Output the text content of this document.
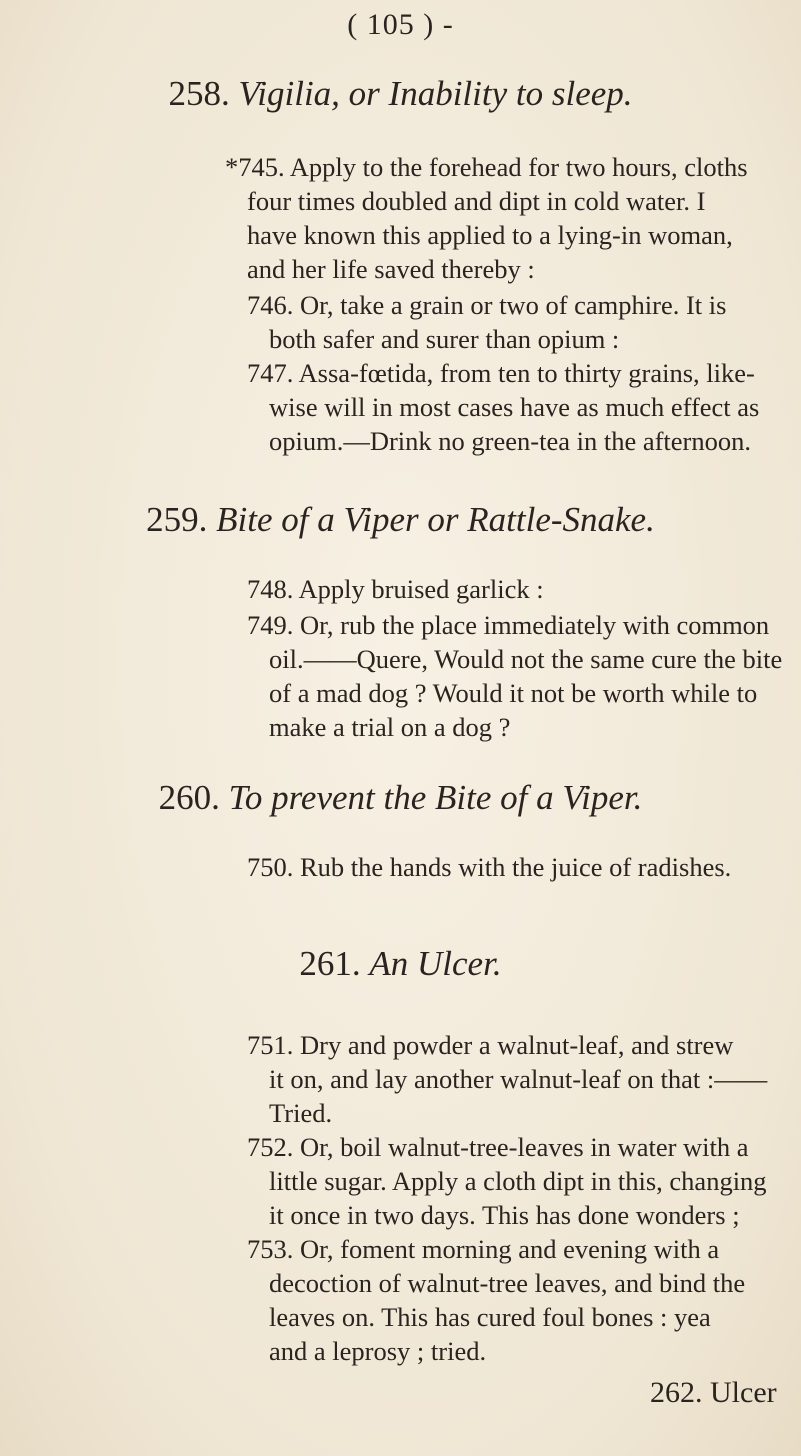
( 105 ) -
258. Vigilia, or Inability to sleep.
*745. Apply to the forehead for two hours, cloths
four times doubled and dipt in cold water. I
have known this applied to a lying-in woman,
and her life saved thereby :
746. Or, take a grain or two of camphire. It is
both safer and surer than opium :
747. Assa-fœtida, from ten to thirty grains, like-
wise will in most cases have as much effect as
opium.—Drink no green-tea in the afternoon.
259. Bite of a Viper or Rattle-Snake.
748. Apply bruised garlick :
749. Or, rub the place immediately with common
oil.——Quere, Would not the same cure the bite
of a mad dog ? Would it not be worth while to
make a trial on a dog ?
260. To prevent the Bite of a Viper.
750. Rub the hands with the juice of radishes.
261. An Ulcer.
751. Dry and powder a walnut-leaf, and strew
it on, and lay another walnut-leaf on that :——
Tried.
752. Or, boil walnut-tree-leaves in water with a
little sugar. Apply a cloth dipt in this, changing
it once in two days. This has done wonders ;
753. Or, foment morning and evening with a
decoction of walnut-tree leaves, and bind the
leaves on. This has cured foul bones : yea
and a leprosy ; tried.
262. Ulcer
